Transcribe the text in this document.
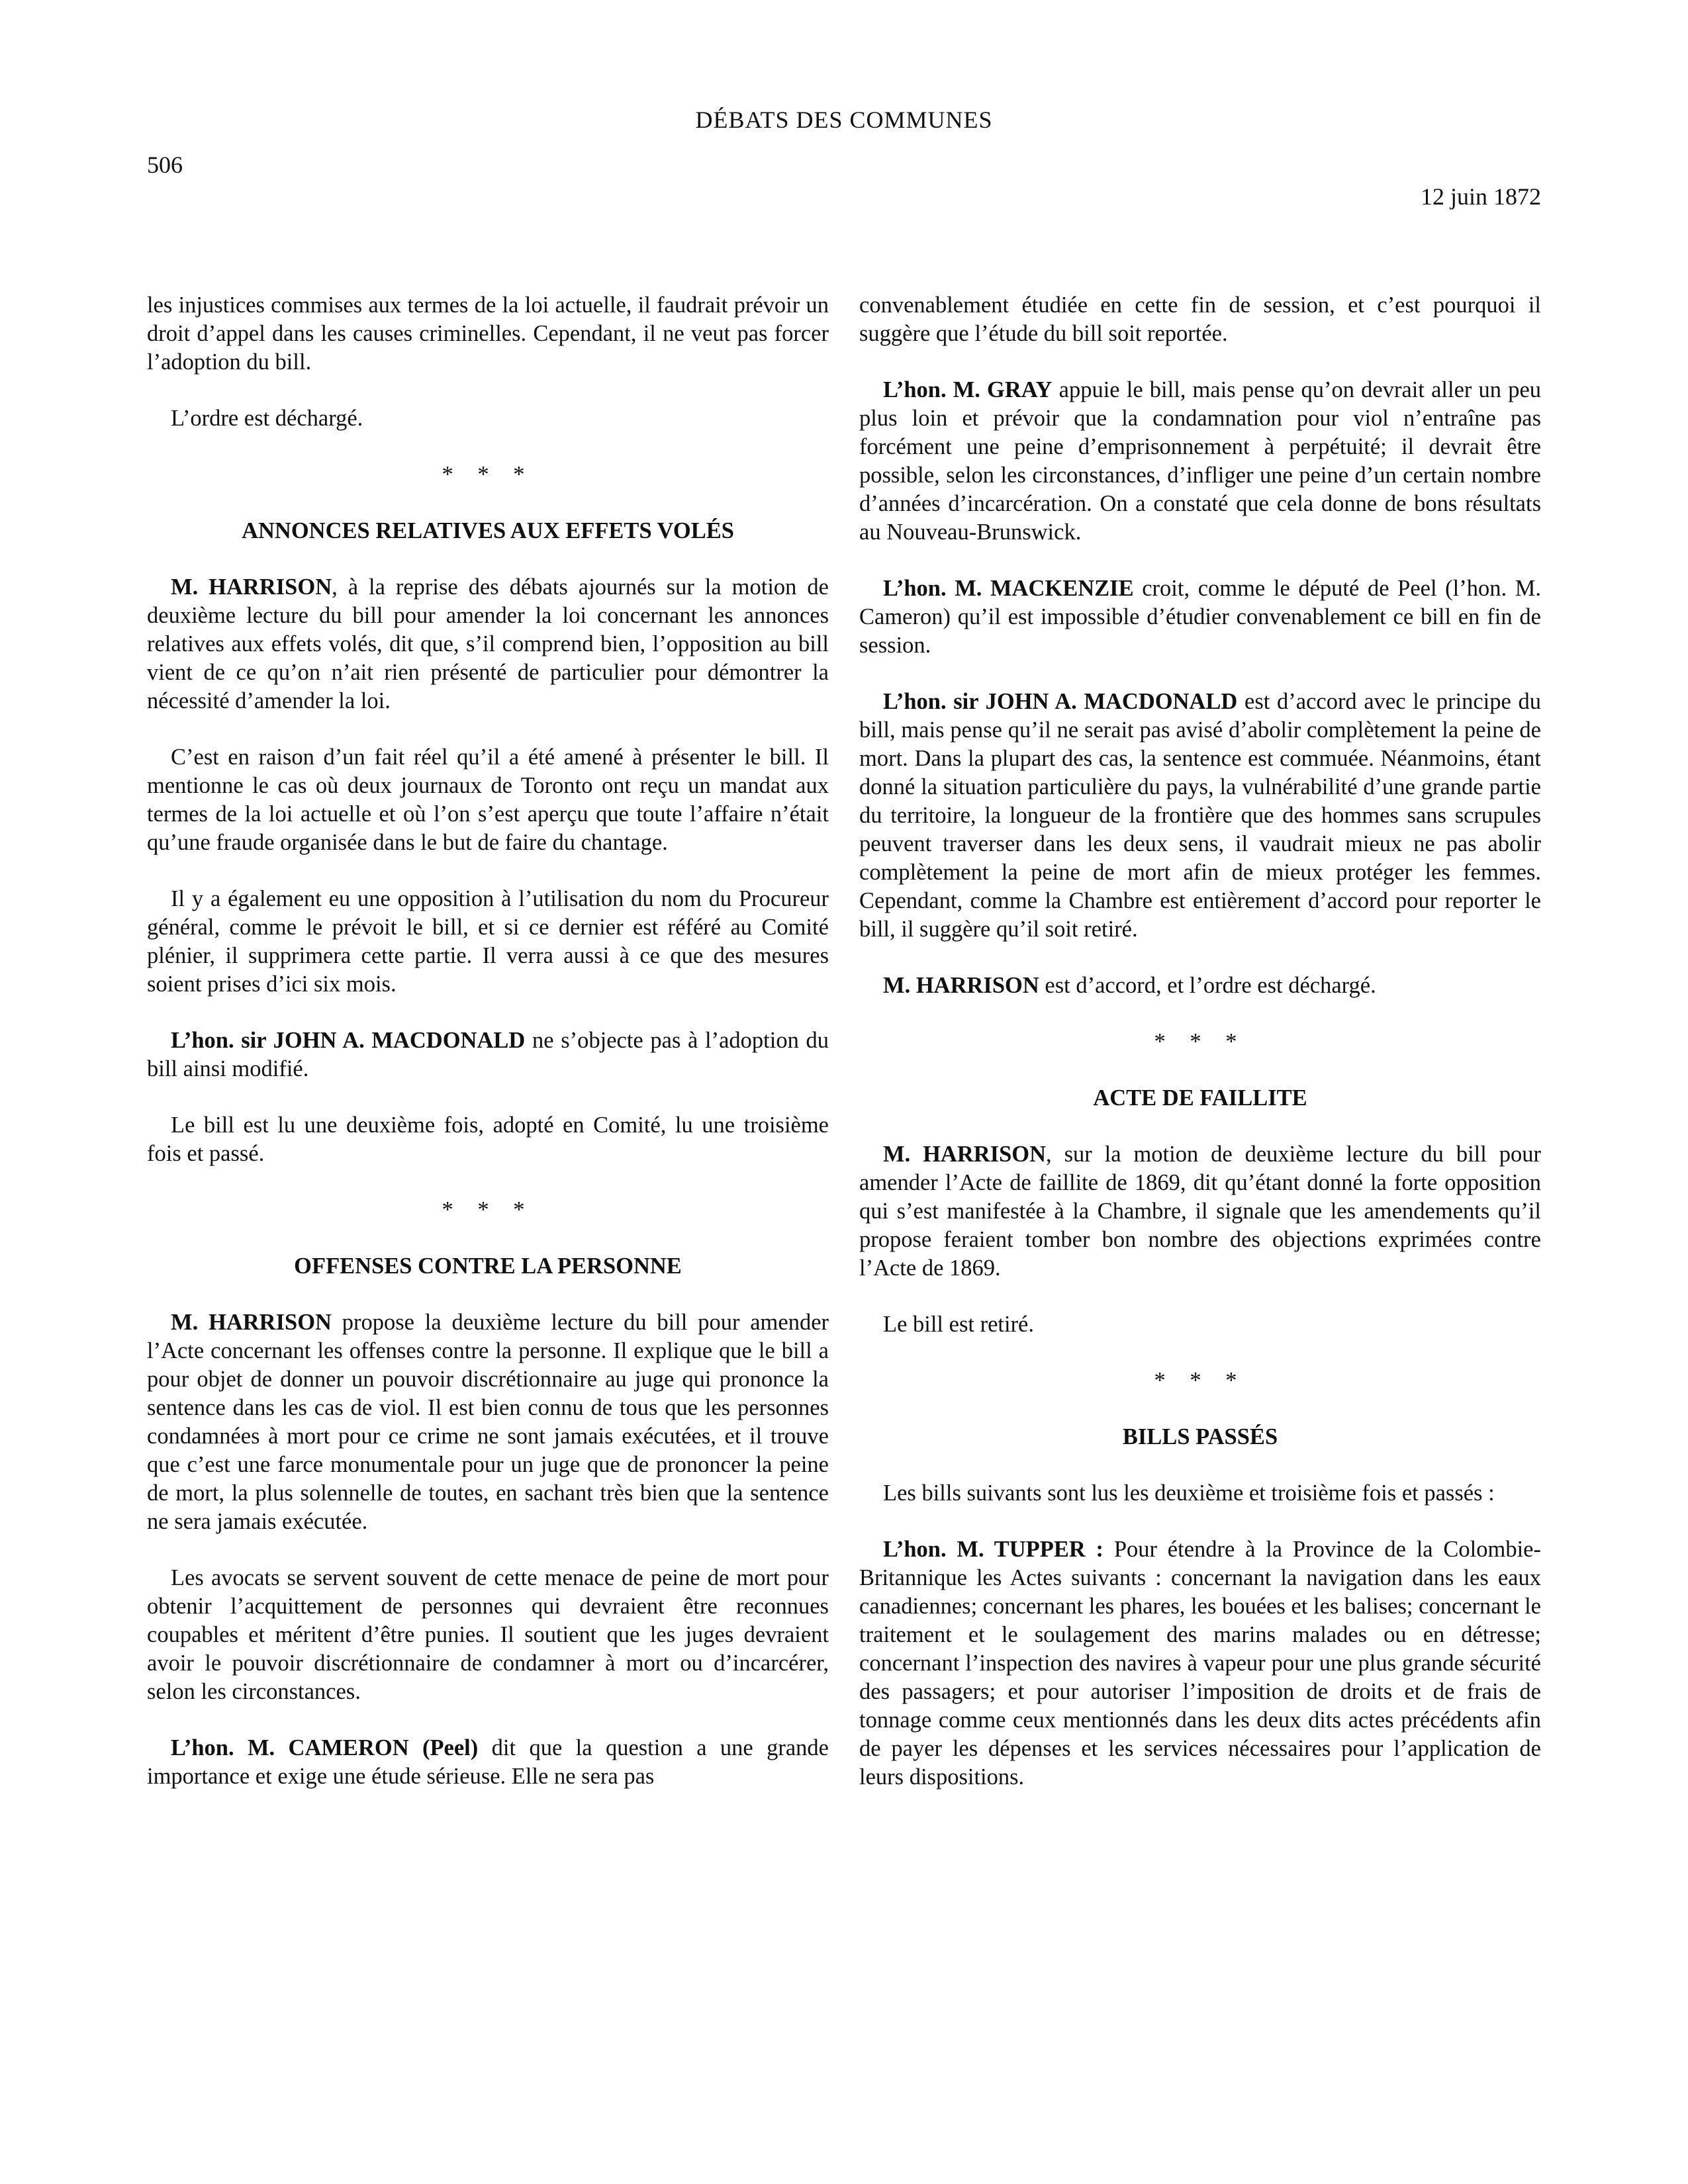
DÉBATS DES COMMUNES
506
12 juin 1872

les injustices commises aux termes de la loi actuelle, il faudrait prévoir un droit d’appel dans les causes criminelles. Cependant, il ne veut pas forcer l’adoption du bill.

L’ordre est déchargé.

* * *
ANNONCES RELATIVES AUX EFFETS VOLÉS

M. HARRISON, à la reprise des débats ajournés sur la motion de deuxième lecture du bill pour amender la loi concernant les annonces relatives aux effets volés, dit que, s’il comprend bien, l’opposition au bill vient de ce qu’on n’ait rien présenté de particulier pour démontrer la nécessité d’amender la loi.

C’est en raison d’un fait réel qu’il a été amené à présenter le bill. Il mentionne le cas où deux journaux de Toronto ont reçu un mandat aux termes de la loi actuelle et où l’on s’est aperçu que toute l’affaire n’était qu’une fraude organisée dans le but de faire du chantage.

Il y a également eu une opposition à l’utilisation du nom du Procureur général, comme le prévoit le bill, et si ce dernier est référé au Comité plénier, il supprimera cette partie. Il verra aussi à ce que des mesures soient prises d’ici six mois.

L’hon. sir JOHN A. MACDONALD ne s’objecte pas à l’adoption du bill ainsi modifié.

Le bill est lu une deuxième fois, adopté en Comité, lu une troisième fois et passé.

* * *
OFFENSES CONTRE LA PERSONNE

M. HARRISON propose la deuxième lecture du bill pour amender l’Acte concernant les offenses contre la personne. Il explique que le bill a pour objet de donner un pouvoir discrétionnaire au juge qui prononce la sentence dans les cas de viol. Il est bien connu de tous que les personnes condamnées à mort pour ce crime ne sont jamais exécutées, et il trouve que c’est une farce monumentale pour un juge que de prononcer la peine de mort, la plus solennelle de toutes, en sachant très bien que la sentence ne sera jamais exécutée.

Les avocats se servent souvent de cette menace de peine de mort pour obtenir l’acquittement de personnes qui devraient être reconnues coupables et méritent d’être punies. Il soutient que les juges devraient avoir le pouvoir discrétionnaire de condamner à mort ou d’incarcérer, selon les circonstances.

L’hon. M. CAMERON (Peel) dit que la question a une grande importance et exige une étude sérieuse. Elle ne sera pas

convenablement étudiée en cette fin de session, et c’est pourquoi il suggère que l’étude du bill soit reportée.

L’hon. M. GRAY appuie le bill, mais pense qu’on devrait aller un peu plus loin et prévoir que la condamnation pour viol n’entraîne pas forcément une peine d’emprisonnement à perpétuité; il devrait être possible, selon les circonstances, d’infliger une peine d’un certain nombre d’années d’incarcération. On a constaté que cela donne de bons résultats au Nouveau-Brunswick.

L’hon. M. MACKENZIE croit, comme le député de Peel (l’hon. M. Cameron) qu’il est impossible d’étudier convenablement ce bill en fin de session.

L’hon. sir JOHN A. MACDONALD est d’accord avec le principe du bill, mais pense qu’il ne serait pas avisé d’abolir complètement la peine de mort. Dans la plupart des cas, la sentence est commuée. Néanmoins, étant donné la situation particulière du pays, la vulnérabilité d’une grande partie du territoire, la longueur de la frontière que des hommes sans scrupules peuvent traverser dans les deux sens, il vaudrait mieux ne pas abolir complètement la peine de mort afin de mieux protéger les femmes. Cependant, comme la Chambre est entièrement d’accord pour reporter le bill, il suggère qu’il soit retiré.

M. HARRISON est d’accord, et l’ordre est déchargé.

* * *
ACTE DE FAILLITE

M. HARRISON, sur la motion de deuxième lecture du bill pour amender l’Acte de faillite de 1869, dit qu’étant donné la forte opposition qui s’est manifestée à la Chambre, il signale que les amendements qu’il propose feraient tomber bon nombre des objections exprimées contre l’Acte de 1869.

Le bill est retiré.

* * *
BILLS PASSÉS

Les bills suivants sont lus les deuxième et troisième fois et passés :

L’hon. M. TUPPER : Pour étendre à la Province de la Colombie-Britannique les Actes suivants : concernant la navigation dans les eaux canadiennes; concernant les phares, les bouées et les balises; concernant le traitement et le soulagement des marins malades ou en détresse; concernant l’inspection des navires à vapeur pour une plus grande sécurité des passagers; et pour autoriser l’imposition de droits et de frais de tonnage comme ceux mentionnés dans les deux dits actes précédents afin de payer les dépenses et les services nécessaires pour l’application de leurs dispositions.
